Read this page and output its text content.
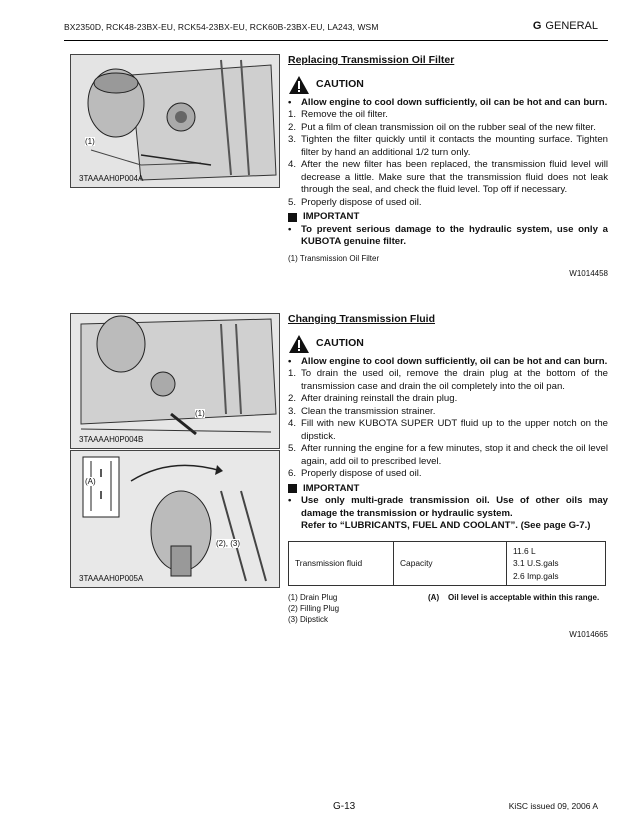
BX2350D, RCK48-23BX-EU, RCK54-23BX-EU, RCK60B-23BX-EU, LA243, WSM	G GENERAL
(1)
3TAAAAH0P004A
(1)
3TAAAAH0P004B
(A)
(2), (3)
3TAAAAH0P005A
Replacing Transmission Oil Filter
CAUTION
•	Allow engine to cool down sufficiently, oil can be hot and can burn.
1. Remove the oil filter.
2. Put a film of clean transmission oil on the rubber seal of the new filter.
3. Tighten the filter quickly until it contacts the mounting surface. Tighten filter by hand an additional 1/2 turn only.
4. After the new filter has been replaced, the transmission fluid level will decrease a little. Make sure that the transmission fluid does not leak through the seal, and check the fluid level. Top off if necessary.
5. Properly dispose of used oil.
IMPORTANT
•	To prevent serious damage to the hydraulic system, use only a KUBOTA genuine filter.
(1) Transmission Oil Filter
W1014458
Changing Transmission Fluid
CAUTION
•	Allow engine to cool down sufficiently, oil can be hot and can burn.
1. To drain the used oil, remove the drain plug at the bottom of the transmission case and drain the oil completely into the oil pan.
2. After draining reinstall the drain plug.
3. Clean the transmission strainer.
4. Fill with new KUBOTA SUPER UDT fluid up to the upper notch on the dipstick.
5. After running the engine for a few minutes, stop it and check the oil level again, add oil to prescribed level.
6. Properly dispose of used oil.
IMPORTANT
•	Use only multi-grade transmission oil. Use of other oils may damage the transmission or hydraulic system.
Refer to “LUBRICANTS, FUEL AND COOLANT”. (See page G-7.)
Transmission fluid	Capacity	
11.6 L
3.1 U.S.gals
2.6 Imp.gals
(1) Drain Plug
(2) Filling Plug
(3) Dipstick
(A)	Oil level is acceptable within this range.
W1014665
G-13	KiSC issued 09, 2006 A
